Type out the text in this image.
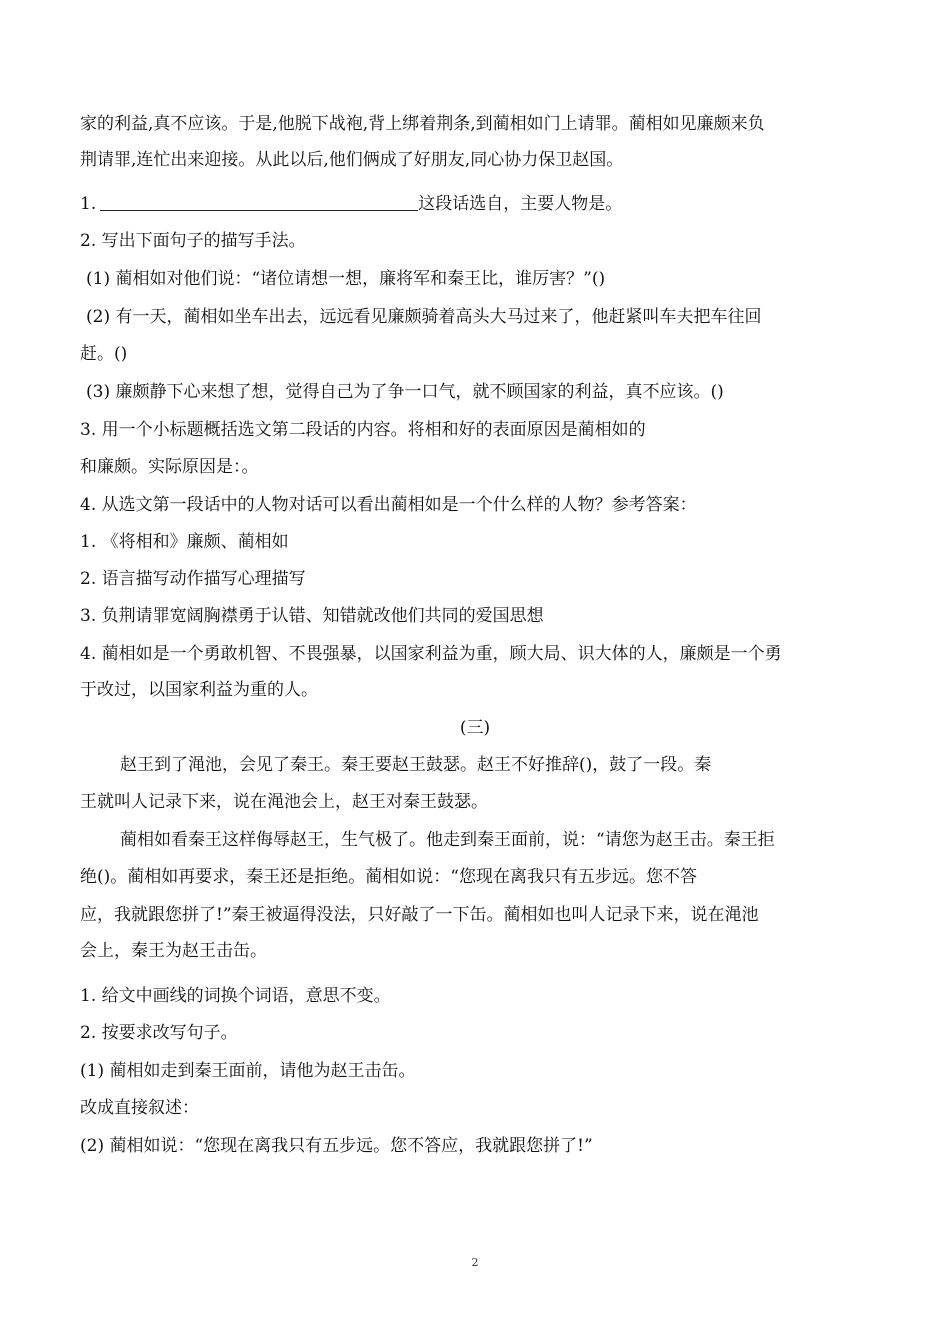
家的利益,真不应该。于是,他脱下战袍,背上绑着荆条,到蔺相如门上请罪。蔺相如见廉颇来负
荆请罪,连忙出来迎接。从此以后,他们俩成了好朋友,同心协力保卫赵国。
1.	这段话选自，主要人物是。
2. 写出下面句子的描写手法。
(1) 蔺相如对他们说：“诸位请想一想，廉将军和秦王比，谁厉害？”()
(2) 有一天，蔺相如坐车出去，远远看见廉颇骑着高头大马过来了，他赶紧叫车夫把车往回
赶。()
(3) 廉颇静下心来想了想，觉得自己为了争一口气，就不顾国家的利益，真不应该。()
3. 用一个小标题概括选文第二段话的内容。将相和好的表面原因是蔺相如的
和廉颇。实际原因是：。
4. 从选文第一段话中的人物对话可以看出蔺相如是一个什么样的人物？参考答案：
1. 《将相和》廉颇、蔺相如
2. 语言描写动作描写心理描写
3. 负荆请罪宽阔胸襟勇于认错、知错就改他们共同的爱国思想
4. 蔺相如是一个勇敢机智、不畏强暴，以国家利益为重，顾大局、识大体的人，廉颇是一个勇
于改过，以国家利益为重的人。
(三)
赵王到了渑池，会见了秦王。秦王要赵王鼓瑟。赵王不好推辞()，鼓了一段。秦
王就叫人记录下来，说在渑池会上，赵王对秦王鼓瑟。
蔺相如看秦王这样侮辱赵王，生气极了。他走到秦王面前，说：“请您为赵王击。秦王拒
绝()。蔺相如再要求，秦王还是拒绝。蔺相如说：“您现在离我只有五步远。您不答
应，我就跟您拼了!”秦王被逼得没法，只好敲了一下缶。蔺相如也叫人记录下来，说在渑池
会上，秦王为赵王击缶。
1. 给文中画线的词换个词语，意思不变。
2. 按要求改写句子。
(1) 蔺相如走到秦王面前，请他为赵王击缶。
改成直接叙述：
(2) 蔺相如说：“您现在离我只有五步远。您不答应，我就跟您拼了!”
2
